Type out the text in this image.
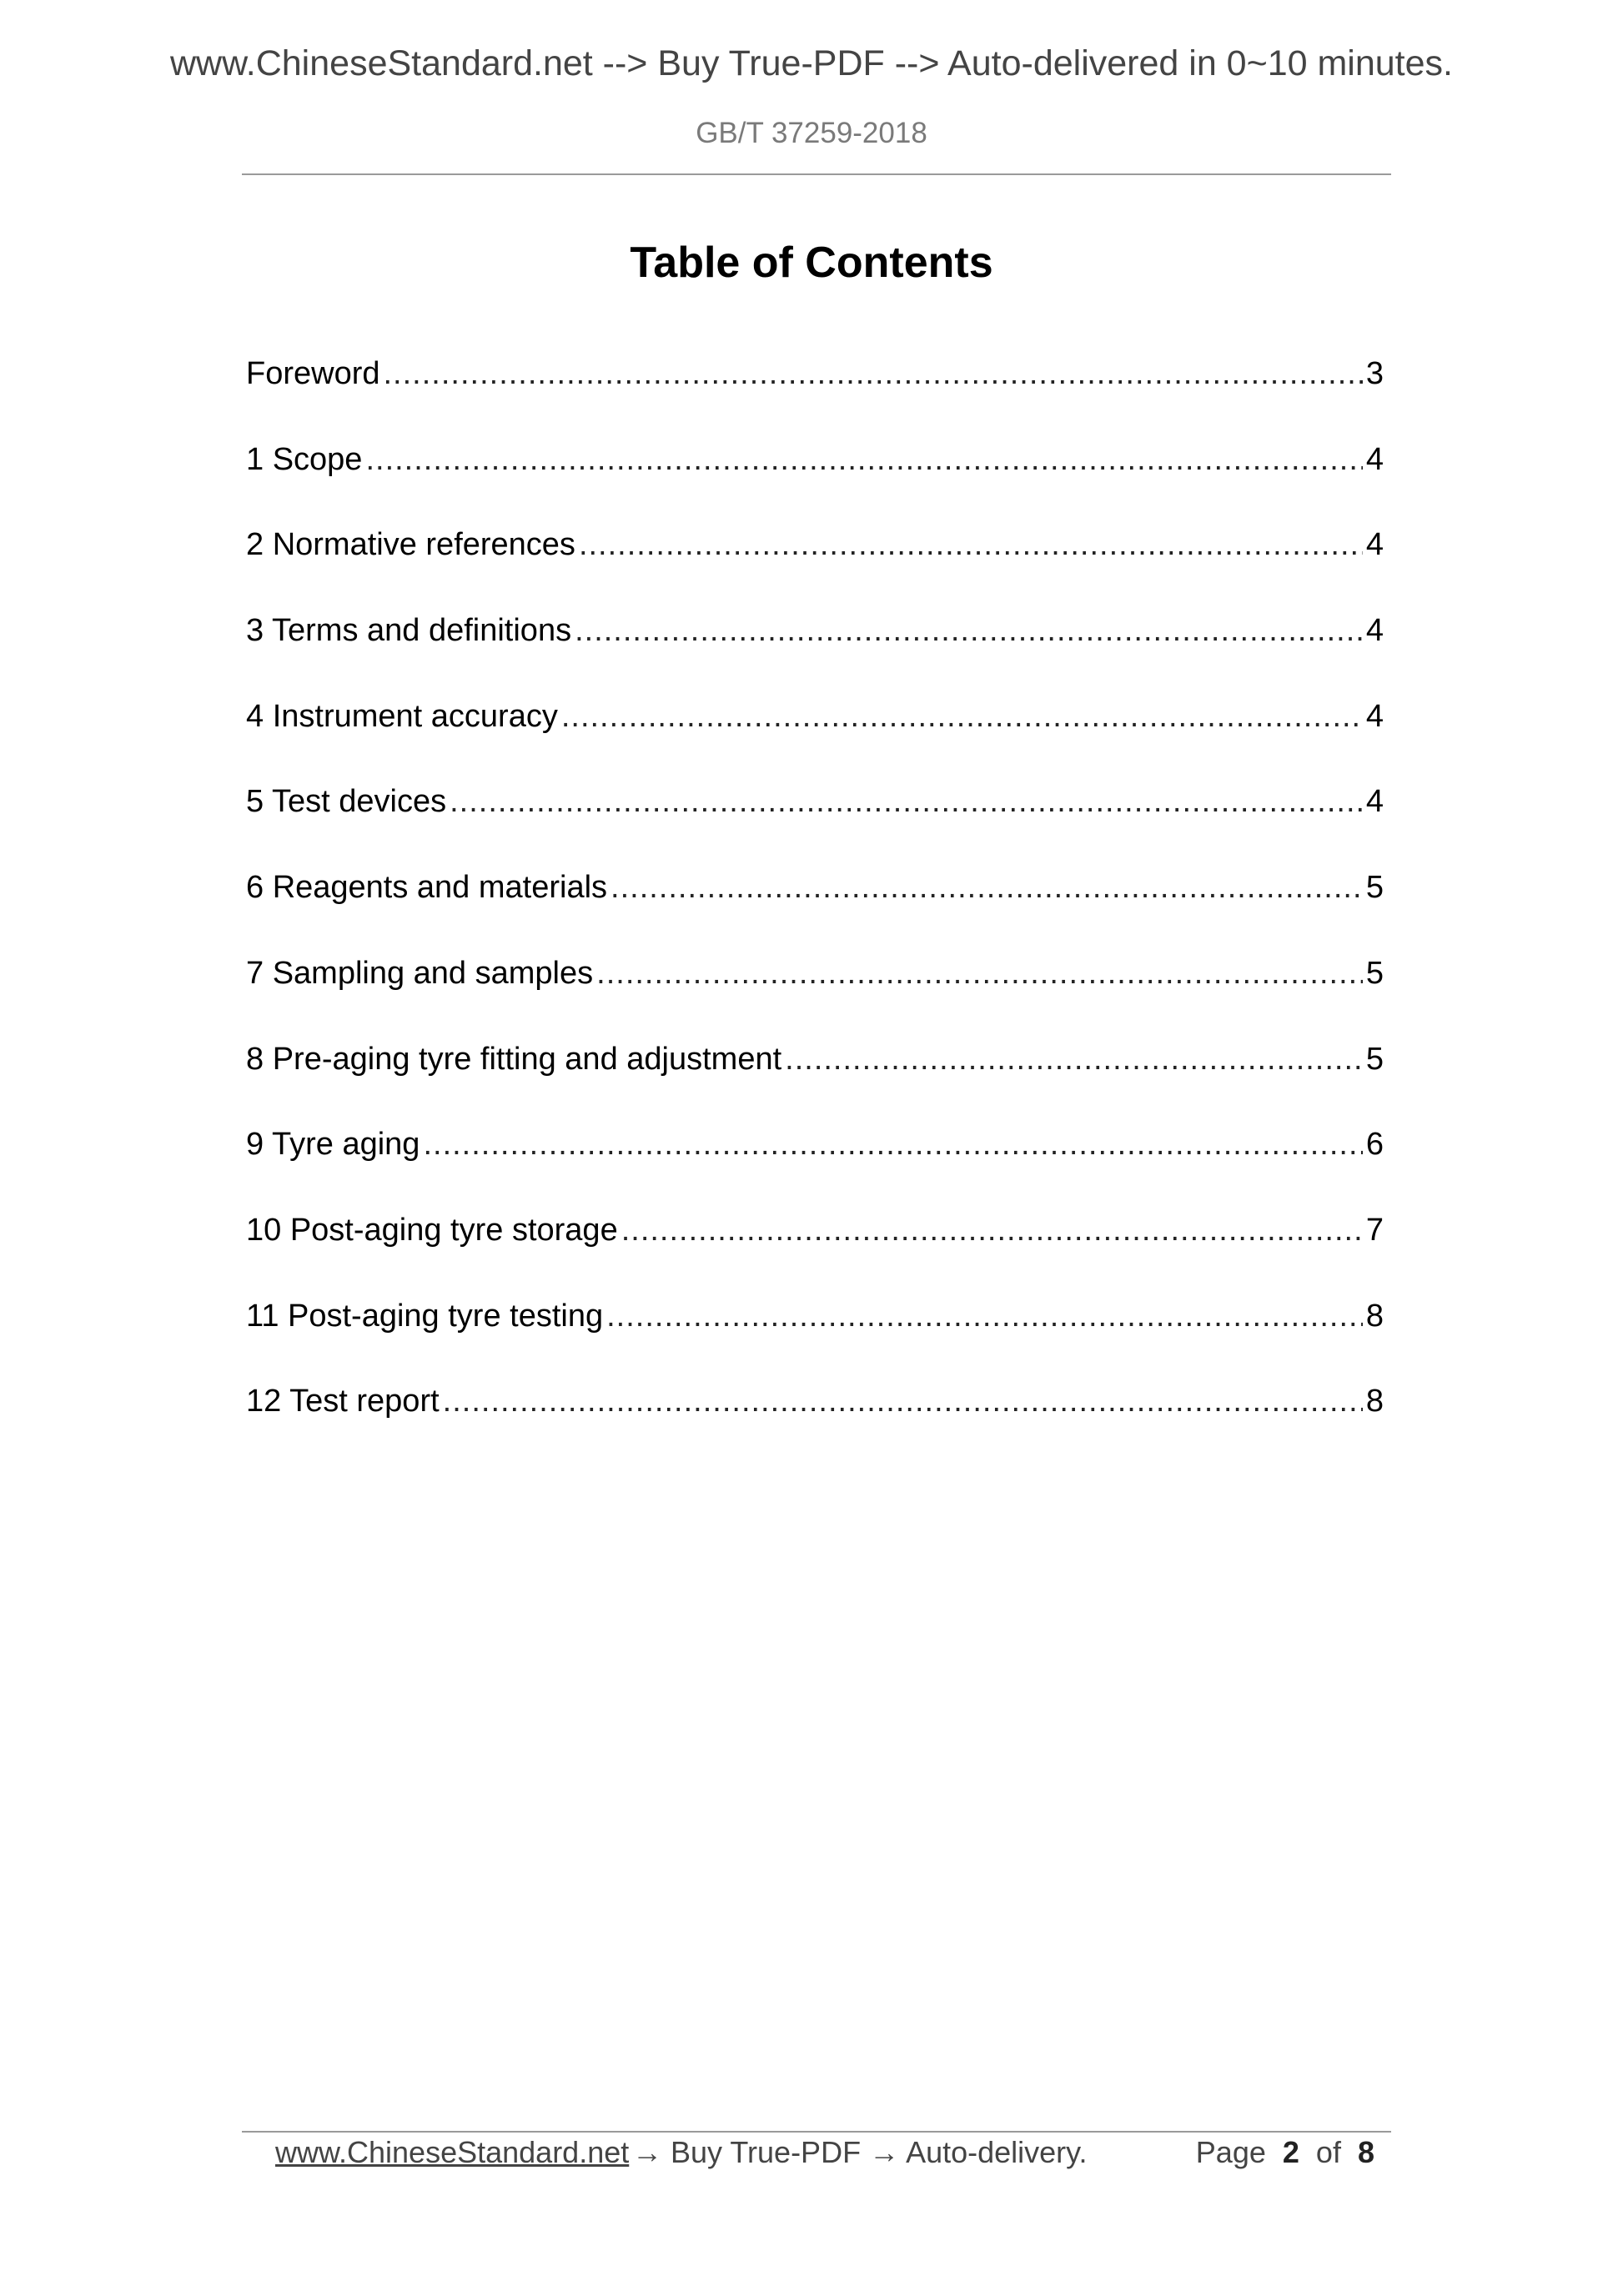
www.ChineseStandard.net --> Buy True-PDF --> Auto-delivered in 0~10 minutes.
GB/T 37259-2018
Table of Contents
Foreword .....	3
1 Scope .....	4
2 Normative references .....	4
3 Terms and definitions .....	4
4 Instrument accuracy .....	4
5 Test devices .....	4
6 Reagents and materials .....	5
7 Sampling and samples .....	5
8 Pre-aging tyre fitting and adjustment .....	5
9 Tyre aging .....	6
10 Post-aging tyre storage .....	7
11 Post-aging tyre testing .....	8
12 Test report .....	8
www.ChineseStandard.net → Buy True-PDF → Auto-delivery.	Page 2 of 8
